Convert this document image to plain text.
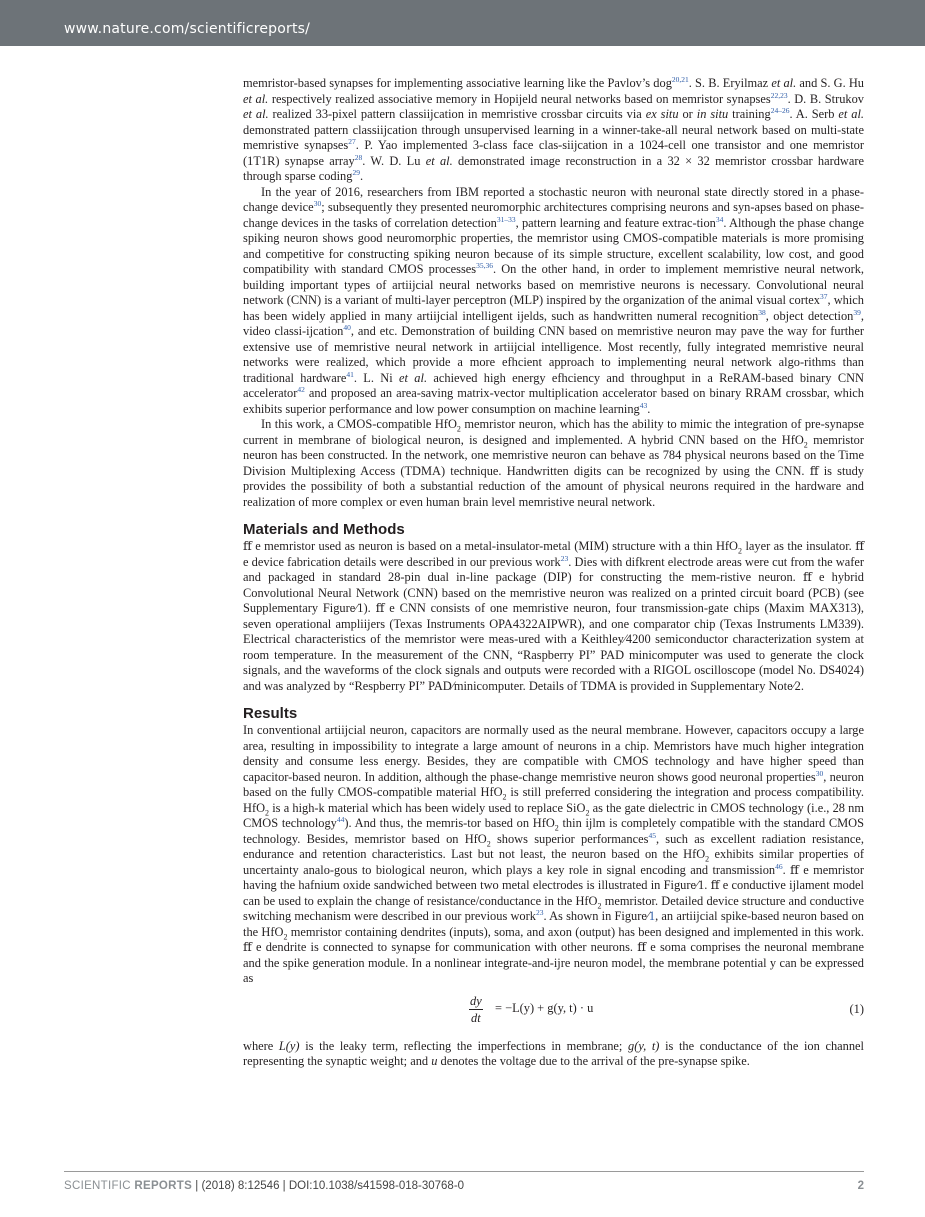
www.nature.com/scientificreports/

memristor-based synapses for implementing associative learning like the Pavlov’s dog$^{20,21}$. S. B. Eryilmaz et al. and S. G. Hu et al. respectively realized associative memory in Hopijeld neural networks based on memristor synapses$^{22,23}$. D. B. Strukov et al. realized 33-pixel pattern classiijcation in memristive crossbar circuits via ex situ or in situ training$^{24-26}$. A. Serb et al. demonstrated pattern classiijcation through unsupervised learning in a winner-take-all neural network based on multi-state memristive synapses$^{27}$. P. Yao implemented 3-class face clas-siijcation in a 1024-cell one transistor and one memristor (1T1R) synapse array$^{28}$. W. D. Lu et al. demonstrated image reconstruction in a 32 × 32 memristor crossbar hardware through sparse coding$^{29}$.

In the year of 2016, researchers from IBM reported a stochastic neuron with neuronal state directly stored in a phase-change device$^{30}$; subsequently they presented neuromorphic architectures comprising neurons and syn-apses based on phase-change devices in the tasks of correlation detection$^{31-33}$, pattern learning and feature extrac-tion$^{34}$. Although the phase change spiking neuron shows good neuromorphic properties, the memristor using CMOS-compatible materials is more promising and competitive for constructing spiking neuron because of its simple structure, excellent scalability, low cost, and good compatibility with standard CMOS processes$^{35,36}$. On the other hand, in order to implement memristive neural network, building important types of artiijcial neural networks based on memristive neurons is necessary. Convolutional neural network (CNN) is a variant of multi-layer perceptron (MLP) inspired by the organization of the animal visual cortex$^{37}$, which has been widely applied in many artiijcial intelligent ijelds, such as handwritten numeral recognition$^{38}$, object detection$^{39}$, video classi-ijcation$^{40}$, and etc. Demonstration of building CNN based on memristive neuron may pave the way for further extensive use of memristive neural network in artiijcial intelligence. Most recently, fully integrated memristive neural networks were realized, which provide a more efhcient approach to implementing neural network algo-rithms than traditional hardware$^{41}$. L. Ni et al. achieved high energy efhciency and throughput in a ReRAM-based binary CNN accelerator$^{42}$ and proposed an area-saving matrix-vector multiplication accelerator based on binary RRAM crossbar, which exhibits superior performance and low power consumption on machine learning$^{43}$.

In this work, a CMOS-compatible HfO$_2$ memristor neuron, which has the ability to mimic the integration of pre-synapse current in membrane of biological neuron, is designed and implemented. A hybrid CNN based on the HfO$_2$ memristor neuron has been constructed. In the network, one memristive neuron can behave as 784 physical neurons based on the Time Division Multiplexing Access (TDMA) technique. Handwritten digits can be recognized by using the CNN. ﬀ is study provides the possibility of both a substantial reduction of the amount of physical neurons required in the hardware and realization of more complex or even human brain level memristive neural network.

Materials and Methods

ﬀ e memristor used as neuron is based on a metal-insulator-metal (MIM) structure with a thin HfO$_2$ layer as the insulator. ﬀ e device fabrication details were described in our previous work$^{23}$. Dies with difkrent electrode areas were cut from the wafer and packaged in standard 28-pin dual in-line package (DIP) for constructing the mem-ristive neuron. ﬀ e hybrid Convolutional Neural Network (CNN) based on the memristive neuron was realized on a printed circuit board (PCB) (see Supplementary Figure⁄1). ﬀ e CNN consists of one memristive neuron, four transmission-gate chips (Maxim MAX313), seven operational ampliijers (Texas Instruments OPA4322AIPWR), and one comparator chip (Texas Instruments LM339). Electrical characteristics of the memristor were meas-ured with a Keithley⁄4200 semiconductor characterization system at room temperature. In the measurement of the CNN, “Raspberry PI” PAD minicomputer was used to generate the clock signals, and the waveforms of the clock signals and outputs were recorded with a RIGOL oscilloscope (model No. DS4024) and was analyzed by “Respberry PI” PAD⁄minicomputer. Details of TDMA is provided in Supplementary Note⁄2.

Results

In conventional artiijcial neuron, capacitors are normally used as the neural membrane. However, capacitors occupy a large area, resulting in impossibility to integrate a large amount of neurons in a chip. Memristors have much higher integration density and consume less energy. Besides, they are compatible with CMOS technology and have higher speed than capacitor-based neuron. In addition, although the phase-change memristive neuron shows good neuronal properties$^{30}$, neuron based on the fully CMOS-compatible material HfO$_2$ is still preferred considering the integration and process compatibility. HfO$_2$ is a high-k material which has been widely used to replace SiO$_2$ as the gate dielectric in CMOS technology (i.e., 28 nm CMOS technology$^{44}$). And thus, the memris-tor based on HfO$_2$ thin ijlm is completely compatible with the standard CMOS technology. Besides, memristor based on HfO$_2$ shows superior performances$^{45}$, such as excellent radiation resistance, endurance and retention characteristics. Last but not least, the neuron based on the HfO$_2$ exhibits similar properties of uncertainty analo-gous to biological neuron, which plays a key role in signal encoding and transmission$^{46}$. ﬀ e memristor having the hafnium oxide sandwiched between two metal electrodes is illustrated in Figure⁄1. ﬀ e conductive ijlament model can be used to explain the change of resistance/conductance in the HfO$_2$ memristor. Detailed device structure and conductive switching mechanism were described in our previous work$^{23}$. As shown in Figure⁄1, an artiijcial spike-based neuron based on the HfO$_2$ memristor containing dendrites (inputs), soma, and axon (output) has been designed and implemented in this work. ﬀ e dendrite is connected to synapse for communication with other neurons. ﬀ e soma comprises the neuronal membrane and the spike generation module. In a nonlinear integrate-and-ijre neuron model, the membrane potential y can be expressed as

$\frac{dy}{dt} = -L(y) + g(y$, t) · u	(1)

where L(y) is the leaky term, reflecting the imperfections in membrane; g(y, t) is the conductance of the ion channel representing the synaptic weight; and u denotes the voltage due to the arrival of the pre-synapse spike.

SCIENTIFIC REPORTS | (2018) 8:12546 | DOI:10.1038/s41598-018-30768-0	2
